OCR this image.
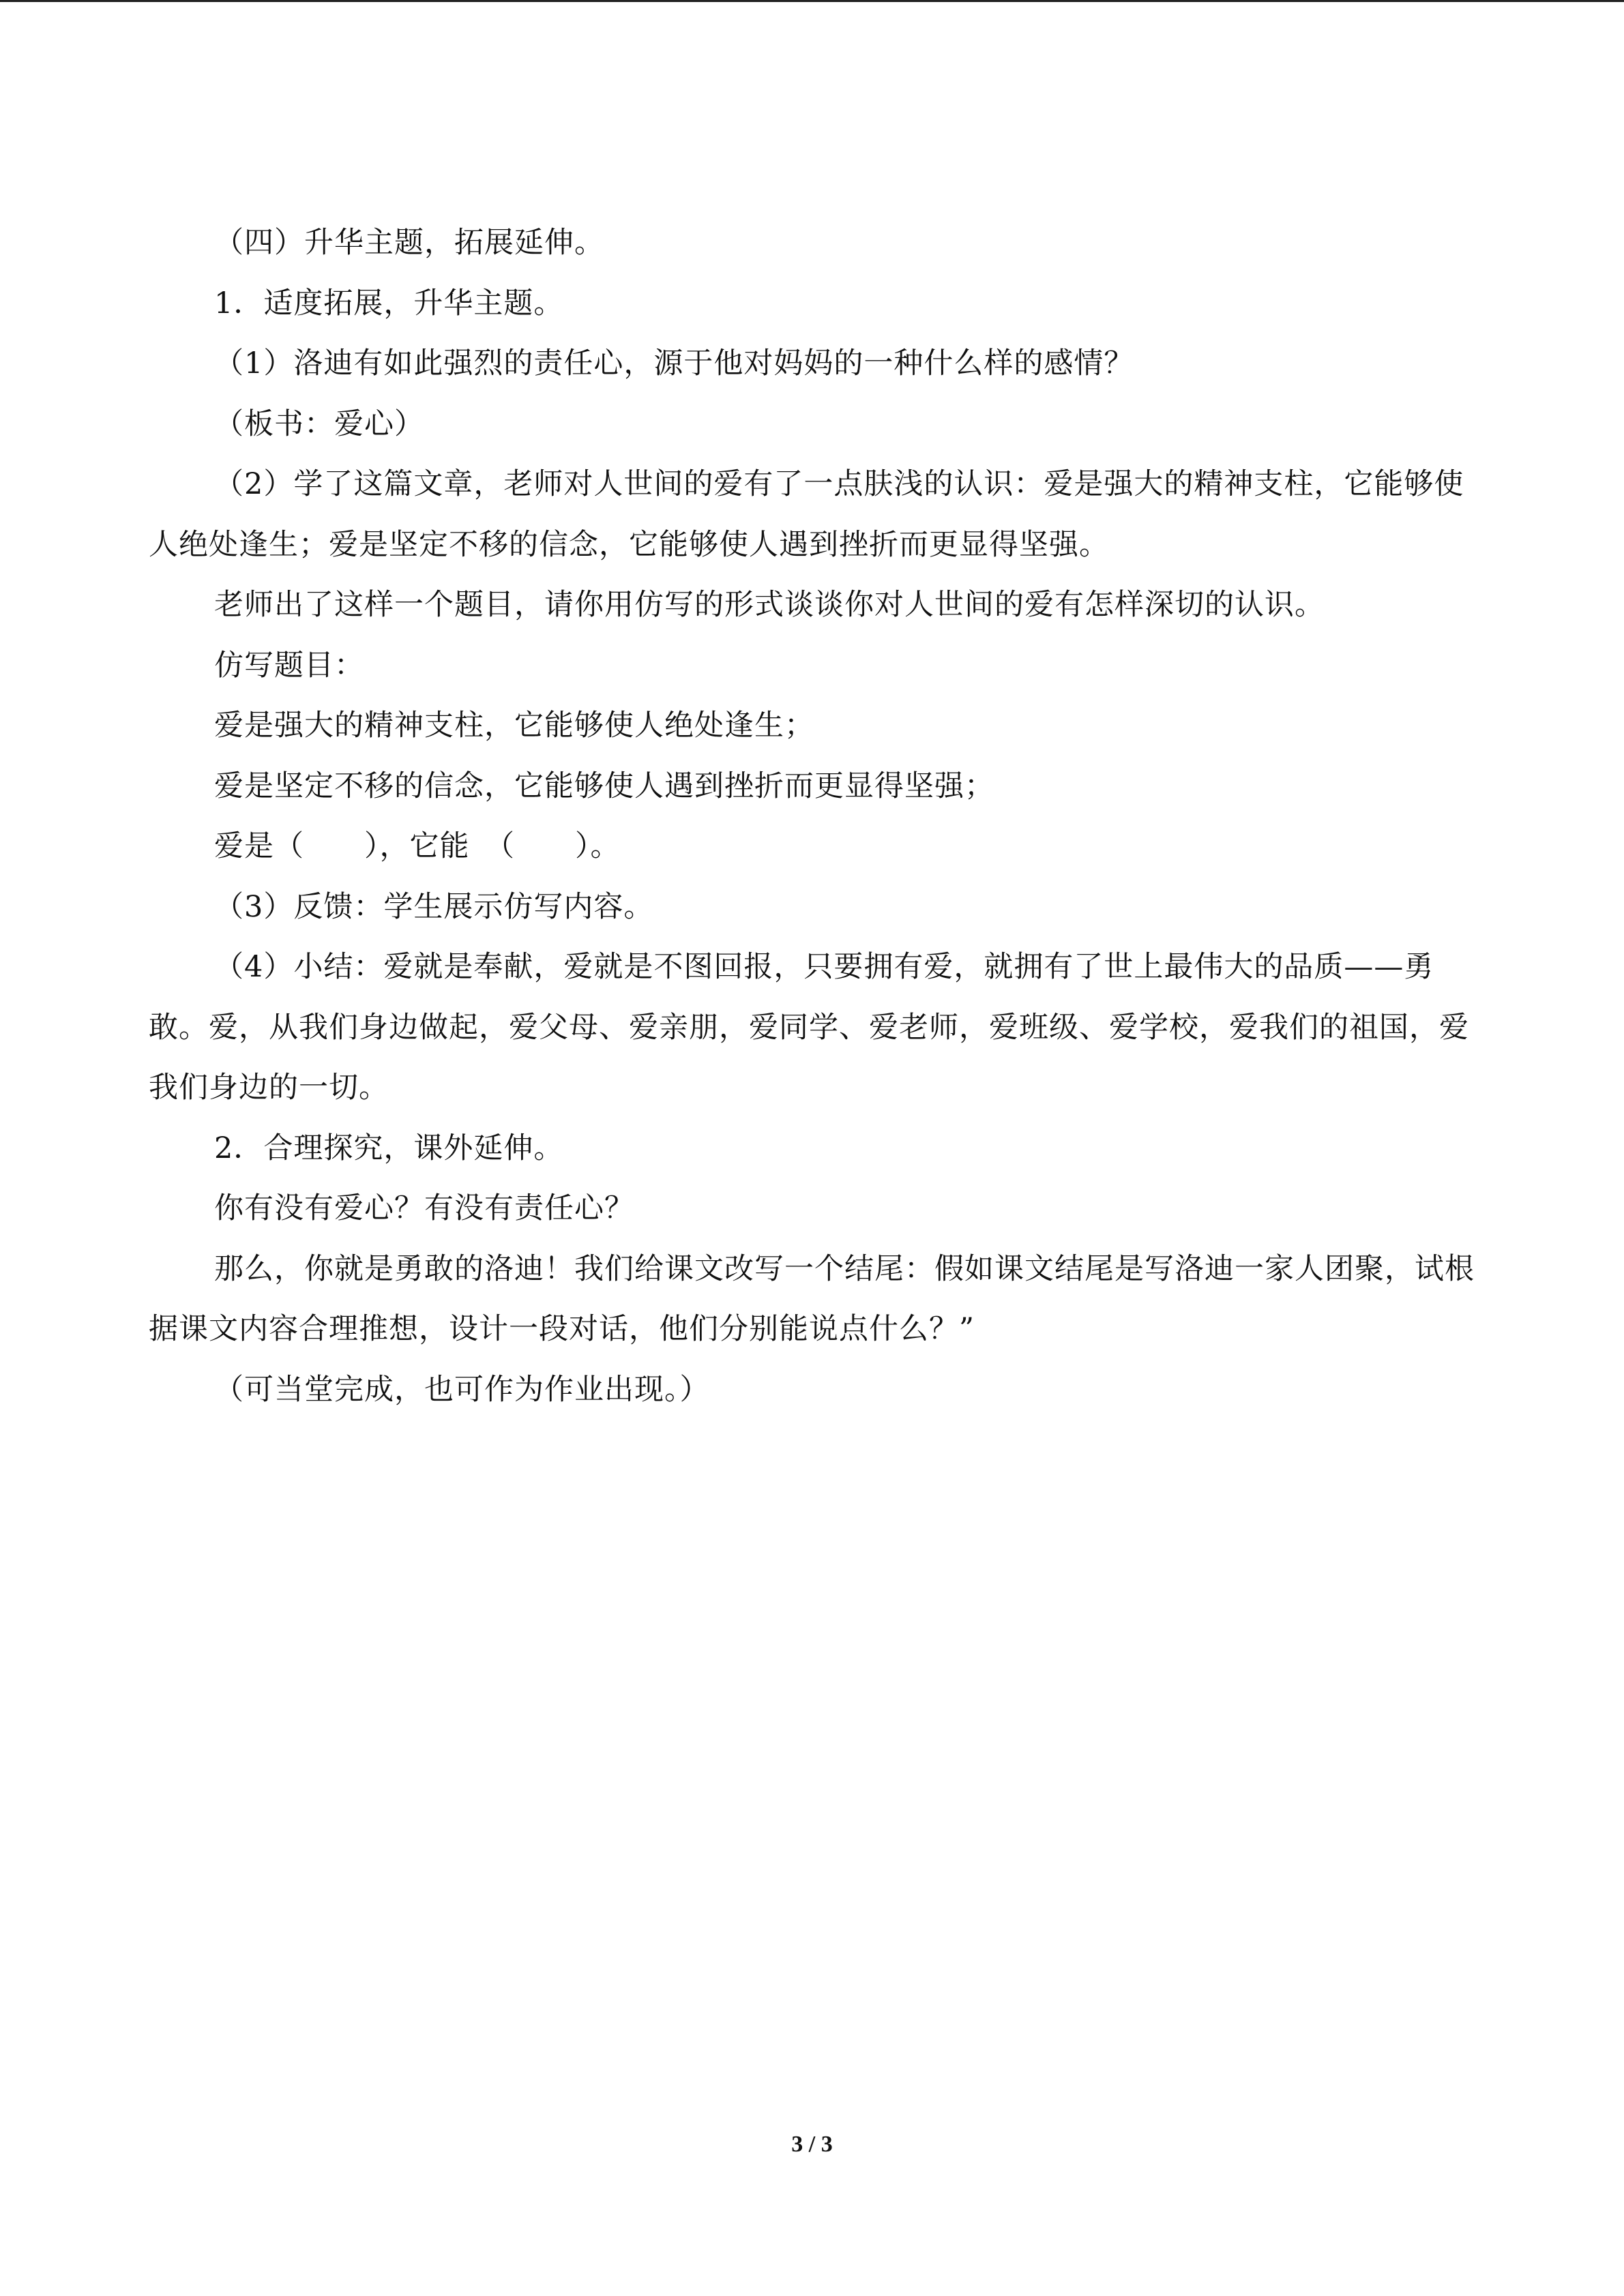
（四）升华主题，拓展延伸。

1．适度拓展，升华主题。

（1）洛迪有如此强烈的责任心，源于他对妈妈的一种什么样的感情？

（板书：爱心）

（2）学了这篇文章，老师对人世间的爱有了一点肤浅的认识：爱是强大的精神支柱，它能够使人绝处逢生；爱是坚定不移的信念，它能够使人遇到挫折而更显得坚强。

老师出了这样一个题目，请你用仿写的形式谈谈你对人世间的爱有怎样深切的认识。

仿写题目：

爱是强大的精神支柱，它能够使人绝处逢生；

爱是坚定不移的信念，它能够使人遇到挫折而更显得坚强；

爱是（　　），它能　（　　）。

（3）反馈：学生展示仿写内容。

（4）小结：爱就是奉献，爱就是不图回报，只要拥有爱，就拥有了世上最伟大的品质——勇敢。爱，从我们身边做起，爱父母、爱亲朋，爱同学、爱老师，爱班级、爱学校，爱我们的祖国，爱我们身边的一切。

2．合理探究，课外延伸。

你有没有爱心？有没有责任心？

那么，你就是勇敢的洛迪！我们给课文改写一个结尾：假如课文结尾是写洛迪一家人团聚，试根据课文内容合理推想，设计一段对话，他们分别能说点什么？”

（可当堂完成，也可作为作业出现。）

3 / 3
